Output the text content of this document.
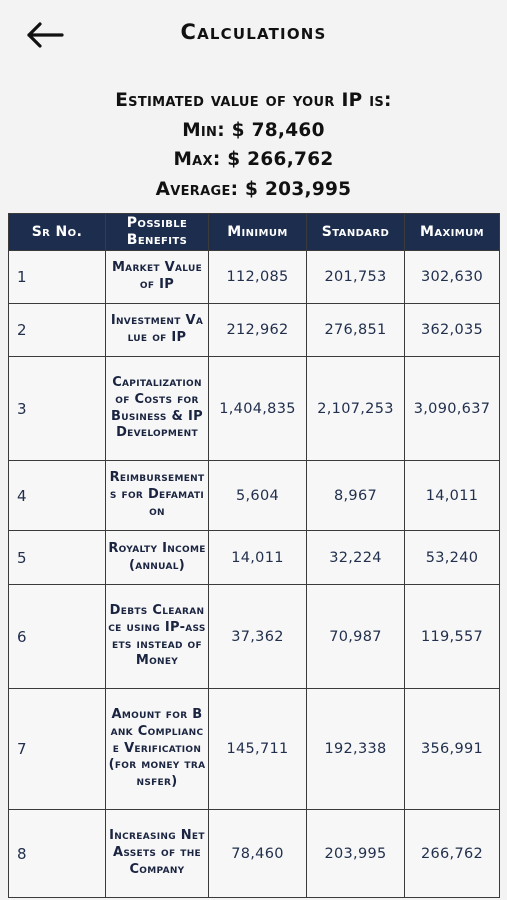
Calculations
Estimated value of your IP is:
Min: $ 78,460
Max: $ 266,762
Average: $ 203,995
Sr No.	Possible Benefits	Minimum	Standard	Maximum
1	Market Value of IP	112,085	201,753	302,630
2	Investment Value of IP	212,962	276,851	362,035
3	Capitalization of Costs for Business & IP Development	1,404,835	2,107,253	3,090,637
4	Reimbursements for Defamation	5,604	8,967	14,011
5	Royalty Income (annual)	14,011	32,224	53,240
6	Debts Clearance using IP-assets instead of Money	37,362	70,987	119,557
7	Amount for Bank Compliance Verification (for money transfer)	145,711	192,338	356,991
8	Increasing Net Assets of the Company	78,460	203,995	266,762
